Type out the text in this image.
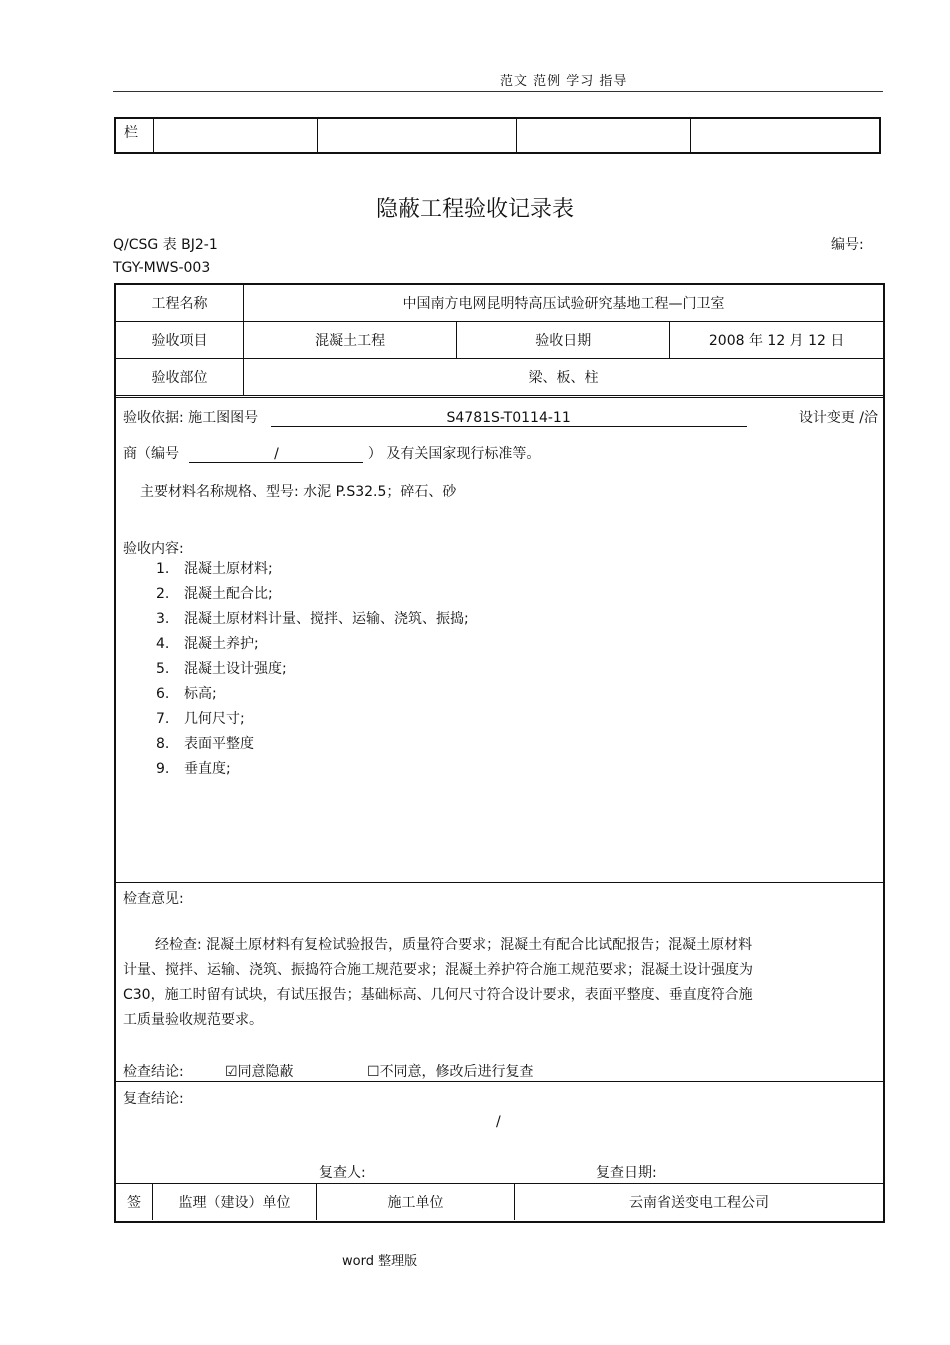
范文 范例 学习 指导
栏				
隐蔽工程验收记录表
Q/CSG 表 BJ2-1
TGY-MWS-003
编号:
工程名称	中国南方电网昆明特高压试验研究基地工程—门卫室		
验收项目	混凝土工程	验收日期	2008 年 12 月 12 日
验收部位	梁、板、柱		
验收依据: 施工图图号	S4781S-T0114-11	设计变更 /洽
商（编号	/	） 及有关国家现行标准等。
主要材料名称规格、型号: 水泥 P.S32.5；碎石、砂
验收内容:
1. 混凝土原材料;
2. 混凝土配合比;
3. 混凝土原材料计量、搅拌、运输、浇筑、振捣;
4. 混凝土养护;
5. 混凝土设计强度;
6. 标高;
7. 几何尺寸;
8. 表面平整度
9. 垂直度;
检查意见:
经检查: 混凝土原材料有复检试验报告，质量符合要求；混凝土有配合比试配报告；混凝土原材料
计量、搅拌、运输、浇筑、振捣符合施工规范要求；混凝土养护符合施工规范要求；混凝土设计强度为
C30，施工时留有试块，有试压报告；基础标高、几何尺寸符合设计要求，表面平整度、垂直度符合施
工质量验收规范要求。
检查结论:	☑同意隐蔽	☐不同意，修改后进行复查
复查结论:
/
复查人:	复查日期:
签	监理（建设）单位	施工单位	云南省送变电工程公司
word 整理版
